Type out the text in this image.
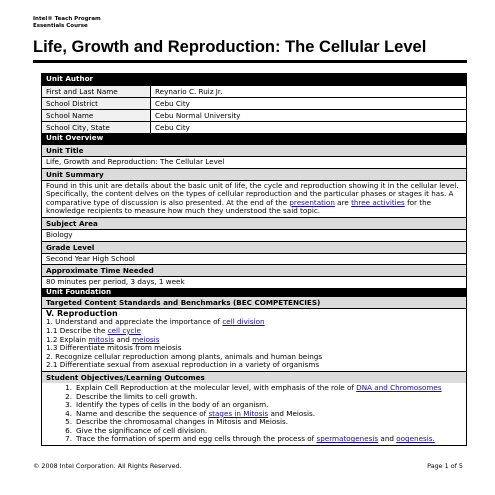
Intel® Teach Program
Essentials Course
Life, Growth and Reproduction: The Cellular Level
Unit Author
First and Last Name	Reynario C. Ruiz Jr.
School District	Cebu City
School Name	Cebu Normal University
School City, State	Cebu City
Unit Overview
Unit Title
Life, Growth and Reproduction: The Cellular Level
Unit Summary
Found in this unit are details about the basic unit of life, the cycle and reproduction showing it in the cellular level. Specifically, the content delves on the types of cellular reproduction and the particular phases or stages it has. A comparative type of discussion is also presented. At the end of the presentation are three activities for the knowledge recipients to measure how much they understood the said topic.
Subject Area
Biology
Grade Level
Second Year High School
Approximate Time Needed
80 minutes per period, 3 days, 1 week
Unit Foundation
Targeted Content Standards and Benchmarks (BEC COMPETENCIES)
V. Reproduction
1. Understand and appreciate the importance of cell division
1.1 Describe the cell cycle
1.2 Explain mitosis and meiosis
1.3 Differentiate mitosis from meiosis
2. Recognize cellular reproduction among plants, animals and human beings
2.1 Differentiate sexual from asexual reproduction in a variety of organisms
Student Objectives/Learning Outcomes
1. Explain Cell Reproduction at the molecular level, with emphasis of the role of DNA and Chromosomes
2. Describe the limits to cell growth.
3. Identify the types of cells in the body of an organism.
4. Name and describe the sequence of stages in Mitosis and Meiosis.
5. Describe the chromosamal changes in Mitosis and Meiosis.
6. Give the significance of cell division.
7. Trace the formation of sperm and egg cells through the process of spermatogenesis and oogenesis.
© 2008 Intel Corporation. All Rights Reserved.	Page 1 of 5
